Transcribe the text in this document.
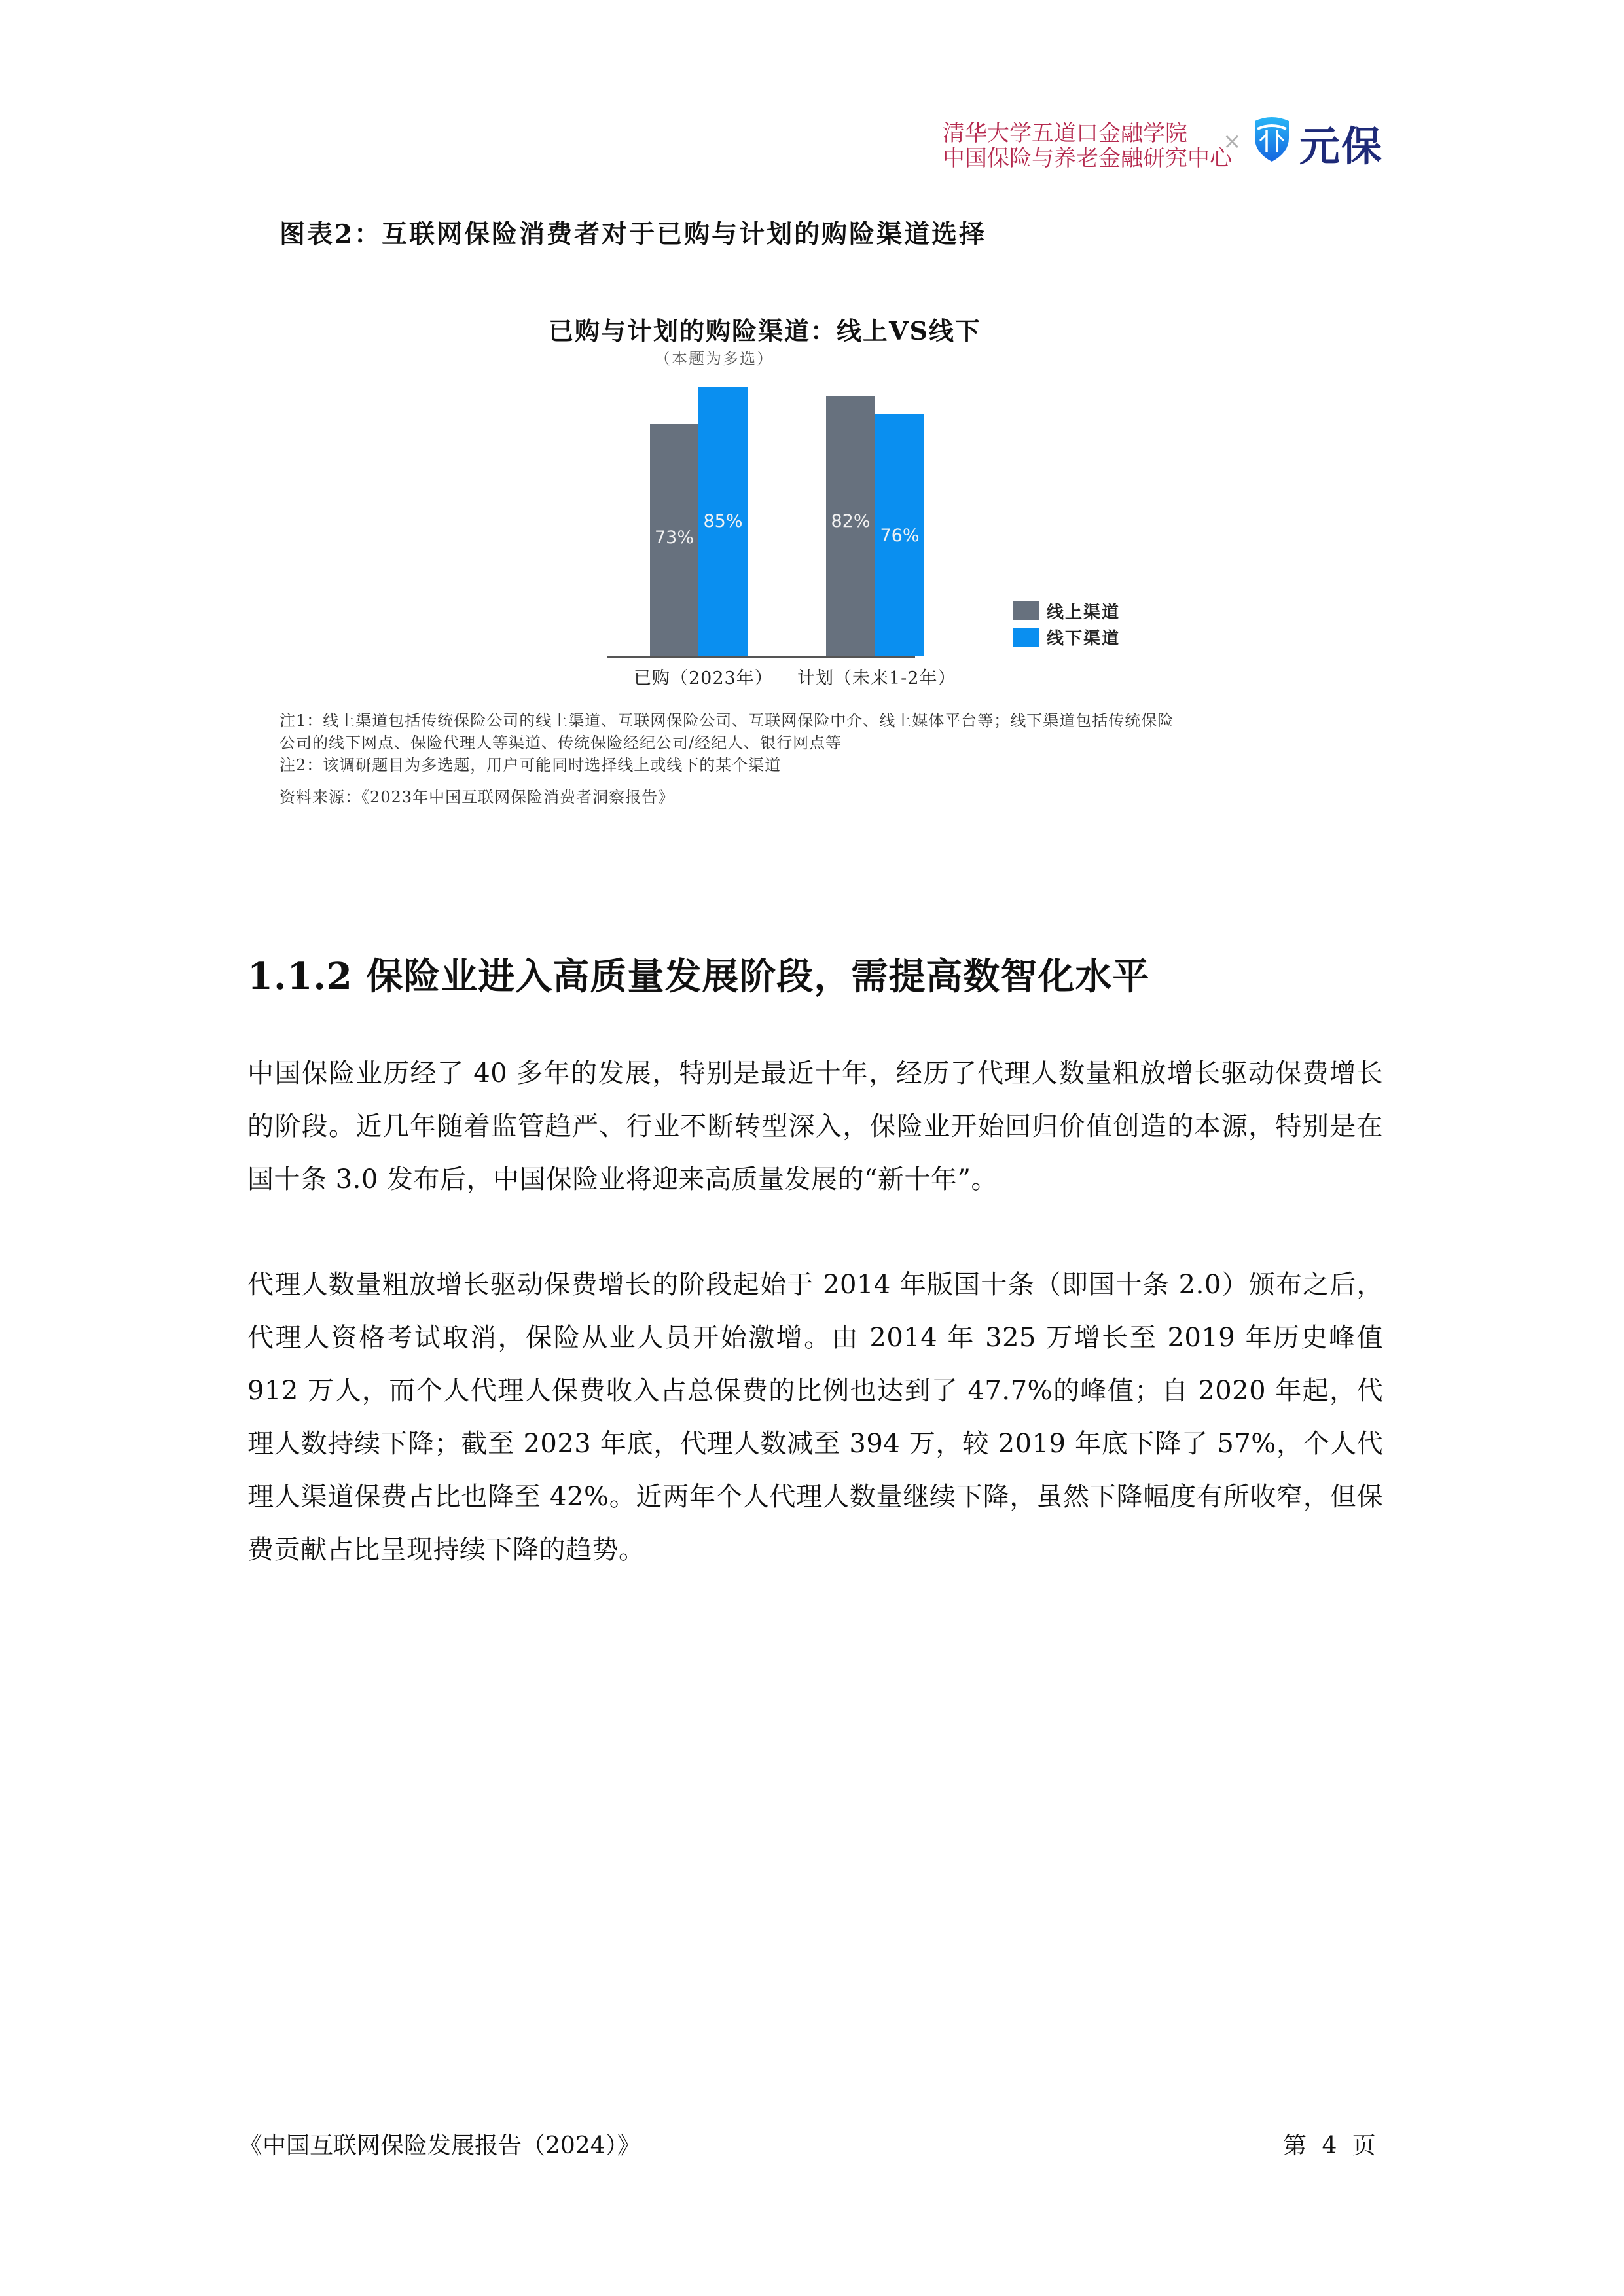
清华大学五道口金融学院
中国保险与养老金融研究中心
× 元保
图表2：互联网保险消费者对于已购与计划的购险渠道选择
已购与计划的购险渠道：线上VS线下
（本题为多选）
73%
85%	82%
76%
已购（2023年） 计划（未来1-2年）
线上渠道
线下渠道
注1：线上渠道包括传统保险公司的线上渠道、互联网保险公司、互联网保险中介、线上媒体平台等；线下渠道包括传统保险
公司的线下网点、保险代理人等渠道、传统保险经纪公司/经纪人、银行网点等
注2：该调研题目为多选题，用户可能同时选择线上或线下的某个渠道
资料来源：《2023年中国互联网保险消费者洞察报告》
1.1.2 保险业进入高质量发展阶段，需提高数智化水平

中国保险业历经了 40 多年的发展，特别是最近十年，经历了代理人数量粗放增长驱动保费增长的阶段。近几年随着监管趋严、行业不断转型深入，保险业开始回归价值创造的本源，特别是在国十条 3.0 发布后，中国保险业将迎来高质量发展的“新十年”。

代理人数量粗放增长驱动保费增长的阶段起始于 2014 年版国十条（即国十条 2.0）颁布之后，代理人资格考试取消，保险从业人员开始激增。由 2014 年 325 万增长至 2019 年历史峰值 912 万人，而个人代理人保费收入占总保费的比例也达到了 47.7%的峰值；自 2020 年起，代理人数持续下降；截至 2023 年底，代理人数减至 394 万，较 2019 年底下降了 57%，个人代理人渠道保费占比也降至 42%。近两年个人代理人数量继续下降，虽然下降幅度有所收窄，但保费贡献占比呈现持续下降的趋势。

《中国互联网保险发展报告（2024）》	第 4 页
